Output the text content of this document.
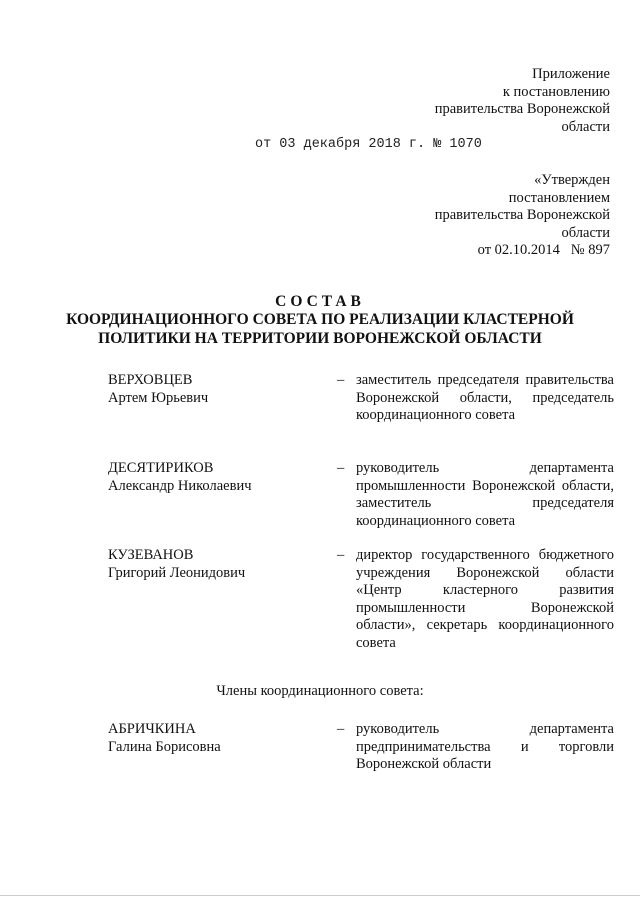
Приложение
к постановлению
правительства Воронежской
области
от 03 декабря 2018 г. № 1070
«Утвержден
постановлением
правительства Воронежской
области
от 02.10.2014   № 897
СОСТАВ
КООРДИНАЦИОННОГО СОВЕТА ПО РЕАЛИЗАЦИИ КЛАСТЕРНОЙ
ПОЛИТИКИ НА ТЕРРИТОРИИ ВОРОНЕЖСКОЙ ОБЛАСТИ
ВЕРХОВЦЕВ
Артем Юрьевич
– заместитель председателя правительства Воронежской области, председатель координационного совета
ДЕСЯТИРИКОВ
Александр Николаевич
– руководитель департамента промышленности Воронежской области, заместитель председателя координационного совета
КУЗЕВАНОВ
Григорий Леонидович
– директор государственного бюджетного учреждения Воронежской области «Центр кластерного развития промышленности Воронежской области», секретарь координационного совета
Члены координационного совета:
АБРИЧКИНА
Галина Борисовна
– руководитель департамента предпринимательства и торговли Воронежской области
